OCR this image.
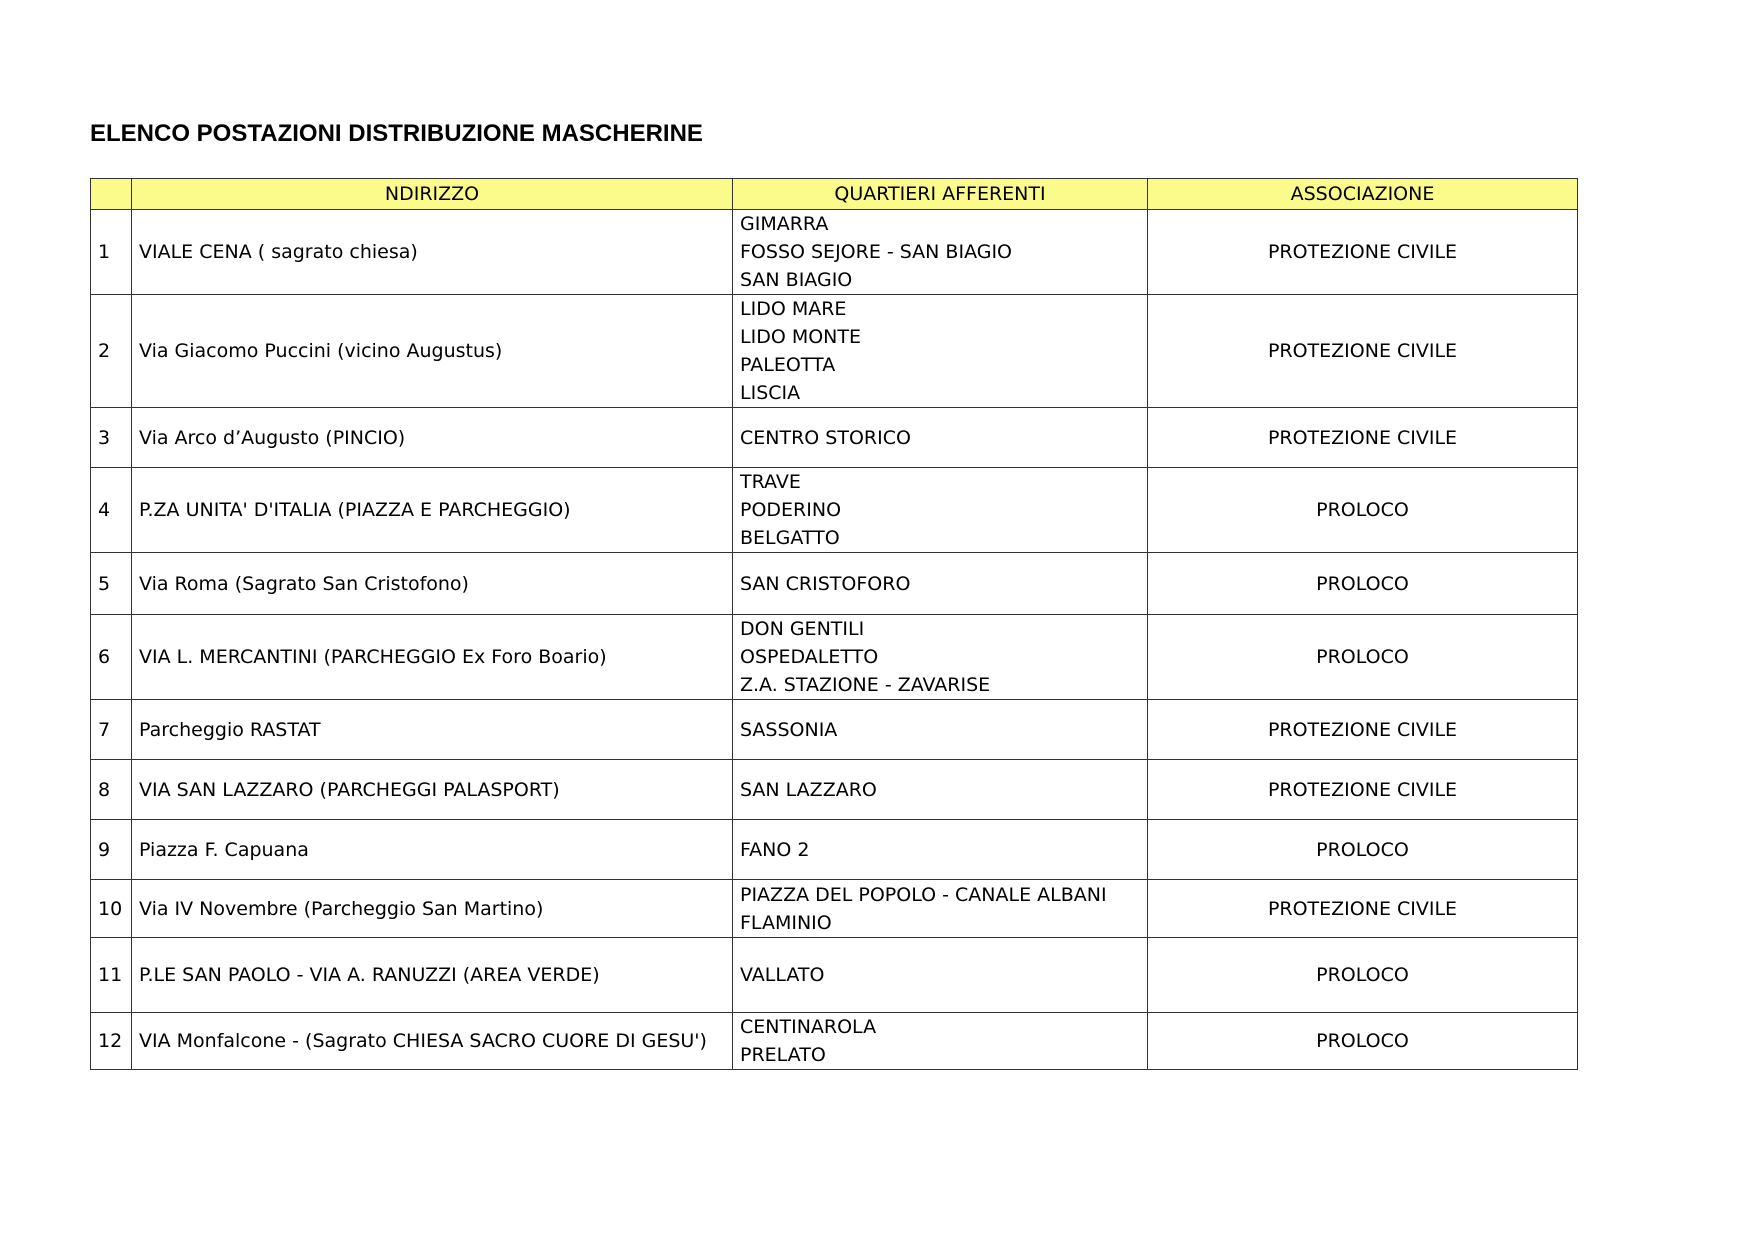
ELENCO POSTAZIONI DISTRIBUZIONE MASCHERINE
	NDIRIZZO	QUARTIERI AFFERENTI	ASSOCIAZIONE
1	VIALE CENA ( sagrato chiesa)	GIMARRA
FOSSO SEJORE - SAN BIAGIO
SAN BIAGIO	PROTEZIONE CIVILE
2	Via Giacomo Puccini (vicino Augustus)	LIDO MARE
LIDO MONTE
PALEOTTA
LISCIA	PROTEZIONE CIVILE
3	Via Arco d’Augusto (PINCIO)	CENTRO STORICO	PROTEZIONE CIVILE
4	P.ZA UNITA' D'ITALIA (PIAZZA E PARCHEGGIO)	TRAVE
PODERINO
BELGATTO	PROLOCO
5	Via Roma (Sagrato San Cristofono)	SAN CRISTOFORO	PROLOCO
6	VIA L. MERCANTINI (PARCHEGGIO Ex Foro Boario)	DON GENTILI
OSPEDALETTO
Z.A. STAZIONE - ZAVARISE	PROLOCO
7	Parcheggio RASTAT	SASSONIA	PROTEZIONE CIVILE
8	VIA SAN LAZZARO (PARCHEGGI PALASPORT)	SAN LAZZARO	PROTEZIONE CIVILE
9	Piazza F. Capuana	FANO 2	PROLOCO
10	Via IV Novembre (Parcheggio San Martino)	PIAZZA DEL POPOLO - CANALE ALBANI
FLAMINIO	PROTEZIONE CIVILE
11	P.LE SAN PAOLO - VIA A. RANUZZI (AREA VERDE)	VALLATO	PROLOCO
12	VIA Monfalcone - (Sagrato CHIESA SACRO CUORE DI GESU')	CENTINAROLA
PRELATO	PROLOCO
